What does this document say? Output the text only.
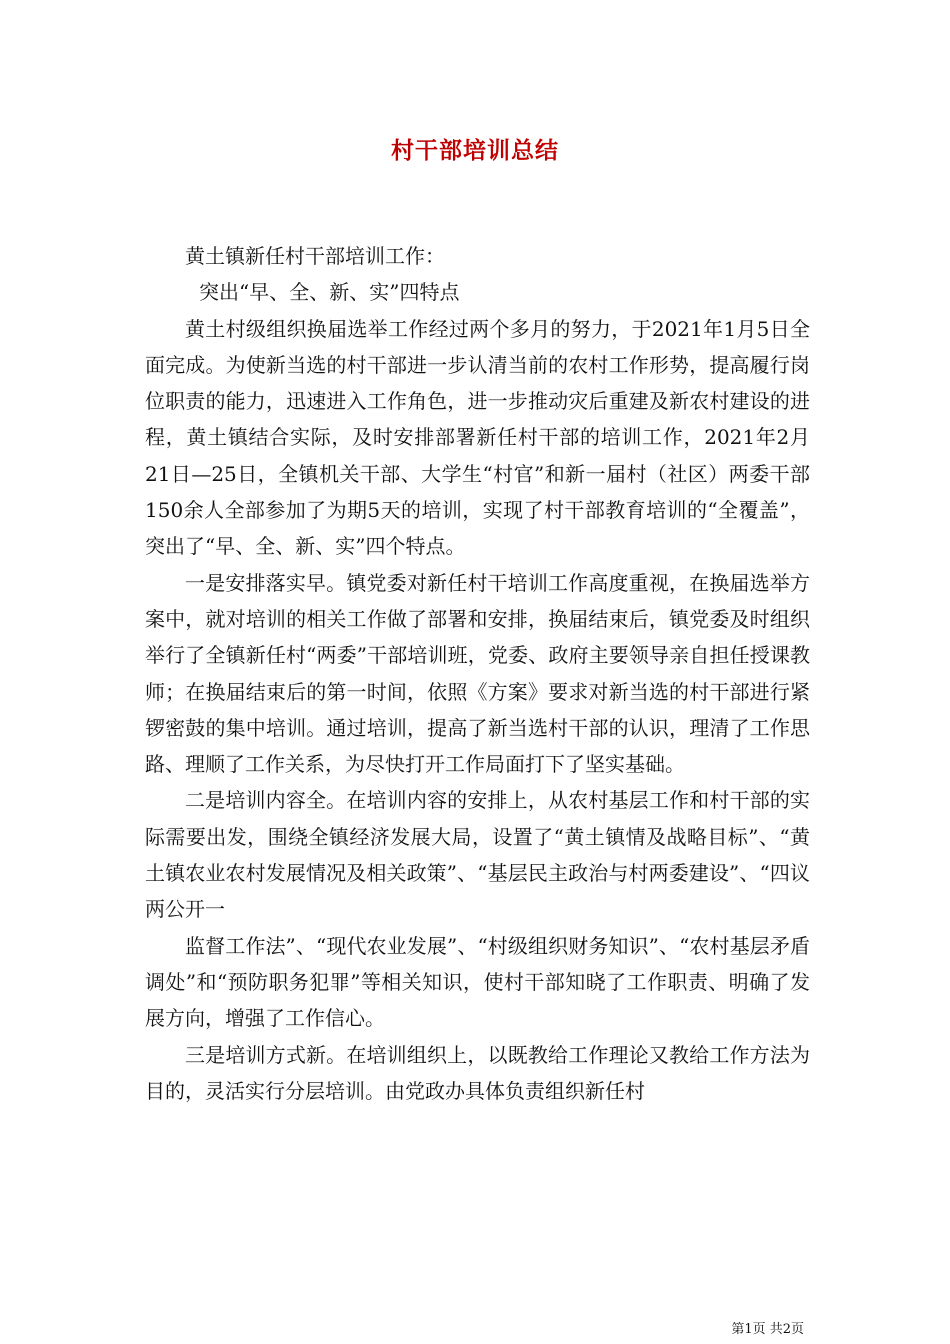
村干部培训总结

黄土镇新任村干部培训工作：

突出“早、全、新、实”四特点

黄土村级组织换届选举工作经过两个多月的努力，于2021年1月5日全面完成。为使新当选的村干部进一步认清当前的农村工作形势，提高履行岗位职责的能力，迅速进入工作角色，进一步推动灾后重建及新农村建设的进程，黄土镇结合实际，及时安排部署新任村干部的培训工作，2021年2月21日—25日，全镇机关干部、大学生“村官”和新一届村（社区）两委干部150余人全部参加了为期5天的培训，实现了村干部教育培训的“全覆盖”，突出了“早、全、新、实”四个特点。

一是安排落实早。镇党委对新任村干培训工作高度重视，在换届选举方案中，就对培训的相关工作做了部署和安排，换届结束后，镇党委及时组织举行了全镇新任村“两委”干部培训班，党委、政府主要领导亲自担任授课教师；在换届结束后的第一时间，依照《方案》要求对新当选的村干部进行紧锣密鼓的集中培训。通过培训，提高了新当选村干部的认识，理清了工作思路、理顺了工作关系，为尽快打开工作局面打下了坚实基础。

二是培训内容全。在培训内容的安排上，从农村基层工作和村干部的实际需要出发，围绕全镇经济发展大局，设置了“黄土镇情及战略目标”、“黄土镇农业农村发展情况及相关政策”、“基层民主政治与村两委建设”、“四议两公开一

监督工作法”、“现代农业发展”、“村级组织财务知识”、“农村基层矛盾调处”和“预防职务犯罪”等相关知识，使村干部知晓了工作职责、明确了发展方向，增强了工作信心。

三是培训方式新。在培训组织上，以既教给工作理论又教给工作方法为目的，灵活实行分层培训。由党政办具体负责组织新任村

第1页 共2页
